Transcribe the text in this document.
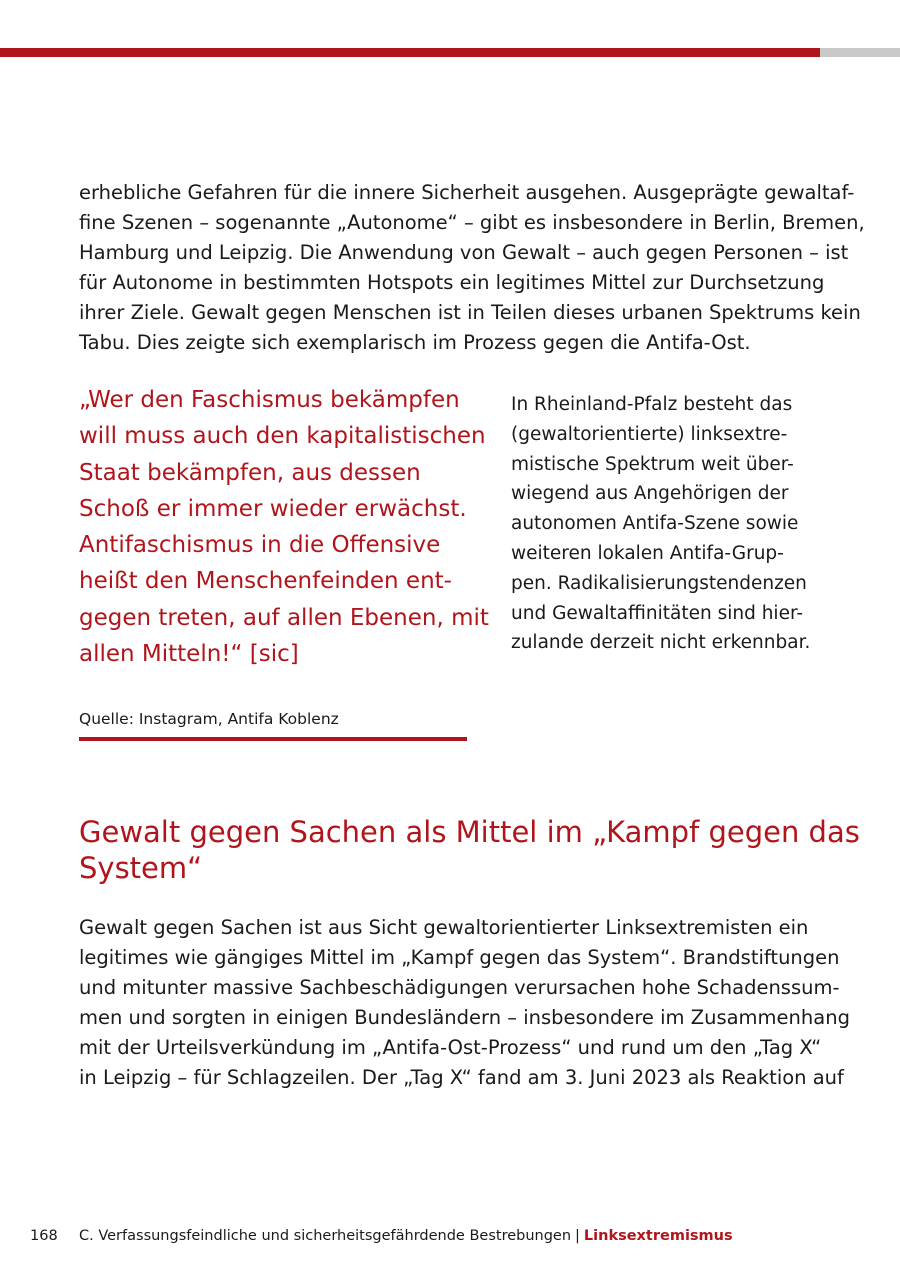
erhebliche Gefahren für die innere Sicherheit ausgehen. Ausgeprägte gewaltaf-
fine Szenen – sogenannte „Autonome“ – gibt es insbesondere in Berlin, Bremen,
Hamburg und Leipzig. Die Anwendung von Gewalt – auch gegen Personen – ist
für Autonome in bestimmten Hotspots ein legitimes Mittel zur Durchsetzung
ihrer Ziele. Gewalt gegen Menschen ist in Teilen dieses urbanen Spektrums kein
Tabu. Dies zeigte sich exemplarisch im Prozess gegen die Antifa-Ost.

„Wer den Faschismus bekämpfen
will muss auch den kapitalistischen
Staat bekämpfen, aus dessen
Schoß er immer wieder erwächst.
Antifaschismus in die Offensive
heißt den Menschenfeinden ent-
gegen treten, auf allen Ebenen, mit
allen Mitteln!“ [sic]

In Rheinland-Pfalz besteht das
(gewaltorientierte) linksextre-
mistische Spektrum weit über-
wiegend aus Angehörigen der
autonomen Antifa-Szene sowie
weiteren lokalen Antifa-Grup-
pen. Radikalisierungstendenzen
und Gewaltaffinitäten sind hier-
zulande derzeit nicht erkennbar.

Quelle: Instagram, Antifa Koblenz

Gewalt gegen Sachen als Mittel im „Kampf gegen das
System“

Gewalt gegen Sachen ist aus Sicht gewaltorientierter Linksextremisten ein
legitimes wie gängiges Mittel im „Kampf gegen das System“. Brandstiftungen
und mitunter massive Sachbeschädigungen verursachen hohe Schadenssum-
men und sorgten in einigen Bundesländern – insbesondere im Zusammenhang
mit der Urteilsverkündung im „Antifa-Ost-Prozess“ und rund um den „Tag X“
in Leipzig – für Schlagzeilen. Der „Tag X“ fand am 3. Juni 2023 als Reaktion auf

168 C. Verfassungsfeindliche und sicherheitsgefährdende Bestrebungen | Linksextremismus
